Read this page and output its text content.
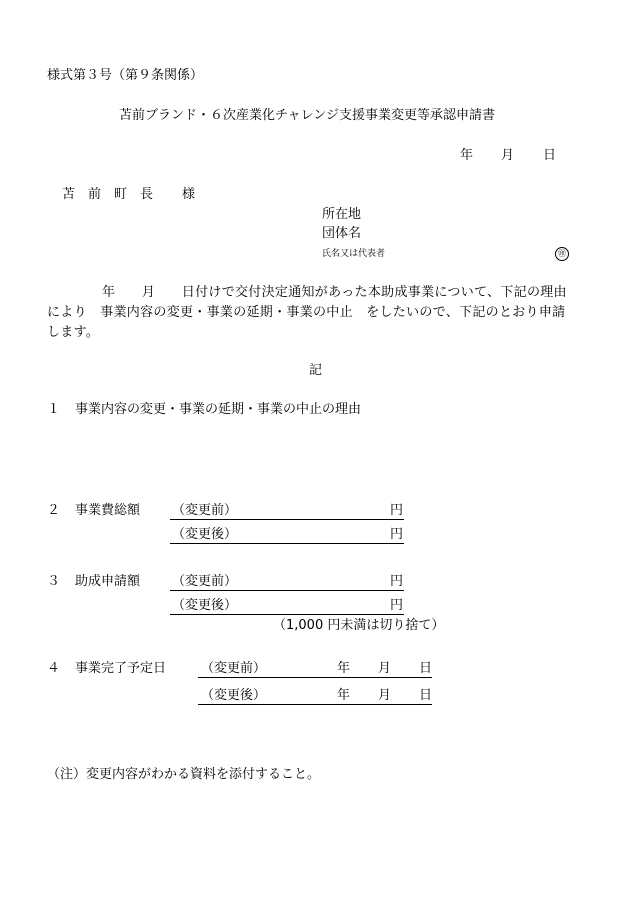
様式第３号（第９条関係）
苫前ブランド・６次産業化チャレンジ支援事業変更等承認申請書
年 月 日
苫　前　町　長 様
所在地
団体名
氏名又は代表者	㊞
年　　月　　日付けで交付決定通知があった本助成事業について、下記の理由
により　事業内容の変更・事業の延期・事業の中止　をしたいので、下記のとおり申請
します。
記
１ 事業内容の変更・事業の延期・事業の中止の理由
２ 事業費総額 （変更前）	円
（変更後）	円
３ 助成申請額 （変更前）	円
（変更後）	円
（1,000 円未満は切り捨て）
４ 事業完了予定日	（変更前）	年 月 日
（変更後）	年 月 日
（注）変更内容がわかる資料を添付すること。
